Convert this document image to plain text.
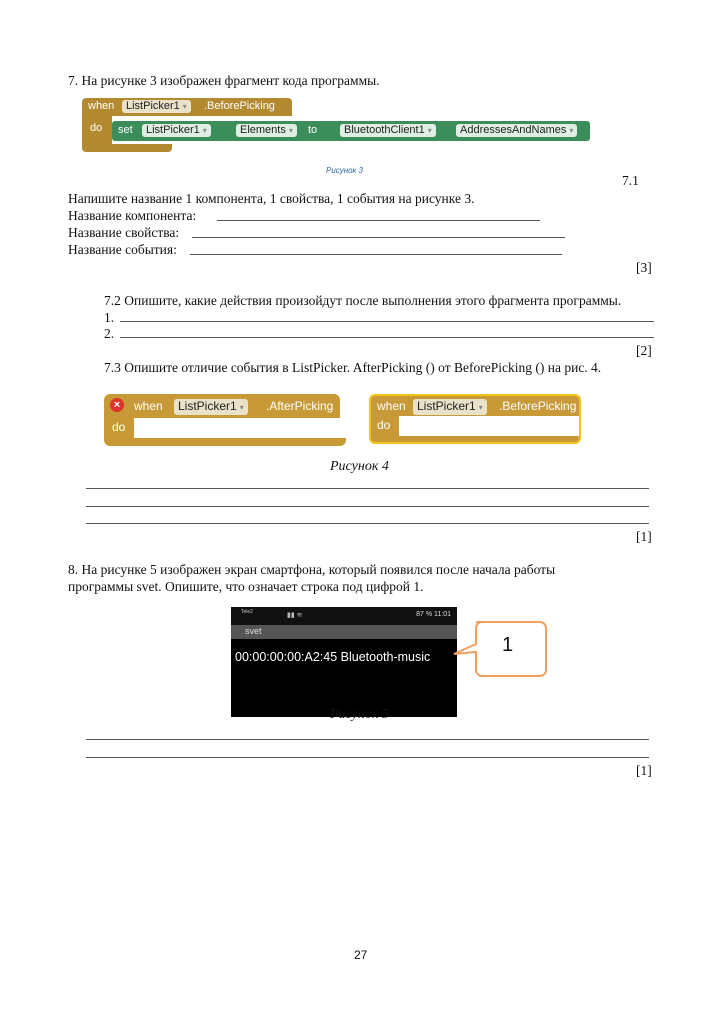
7. На рисунке 3 изображен фрагмент кода программы.
when	ListPicker1 ▾	.BeforePicking
do set	ListPicker1 ▾	Elements ▾	to	BluetoothClient1 ▾	AddressesAndNames ▾
Рисунок 3
7.1
Напишите название 1 компонента, 1 свойства, 1 события на рисунке 3.
Название компонента:
Название свойства:
Название события:
[3]
7.2 Опишите, какие действия произойдут после выполнения этого фрагмента программы.
1.
2.
[2]
7.3 Опишите отличие события в ListPicker. AfterPicking () от BeforePicking () на рис. 4.
×	when	ListPicker1 ▾	.AfterPicking
do
when ListPicker1 ▾	.BeforePicking
do
Рисунок 4
[1]
8. На рисунке 5 изображен экран смартфона, который появился после начала работы
программы svet. Опишите, что означает строка под цифрой 1.
Tele2	▮▮ ≋	87 % 11:01
svet
00:00:00:00:A2:45 Bluetooth-music
1
Рисунок 5
[1]
27
